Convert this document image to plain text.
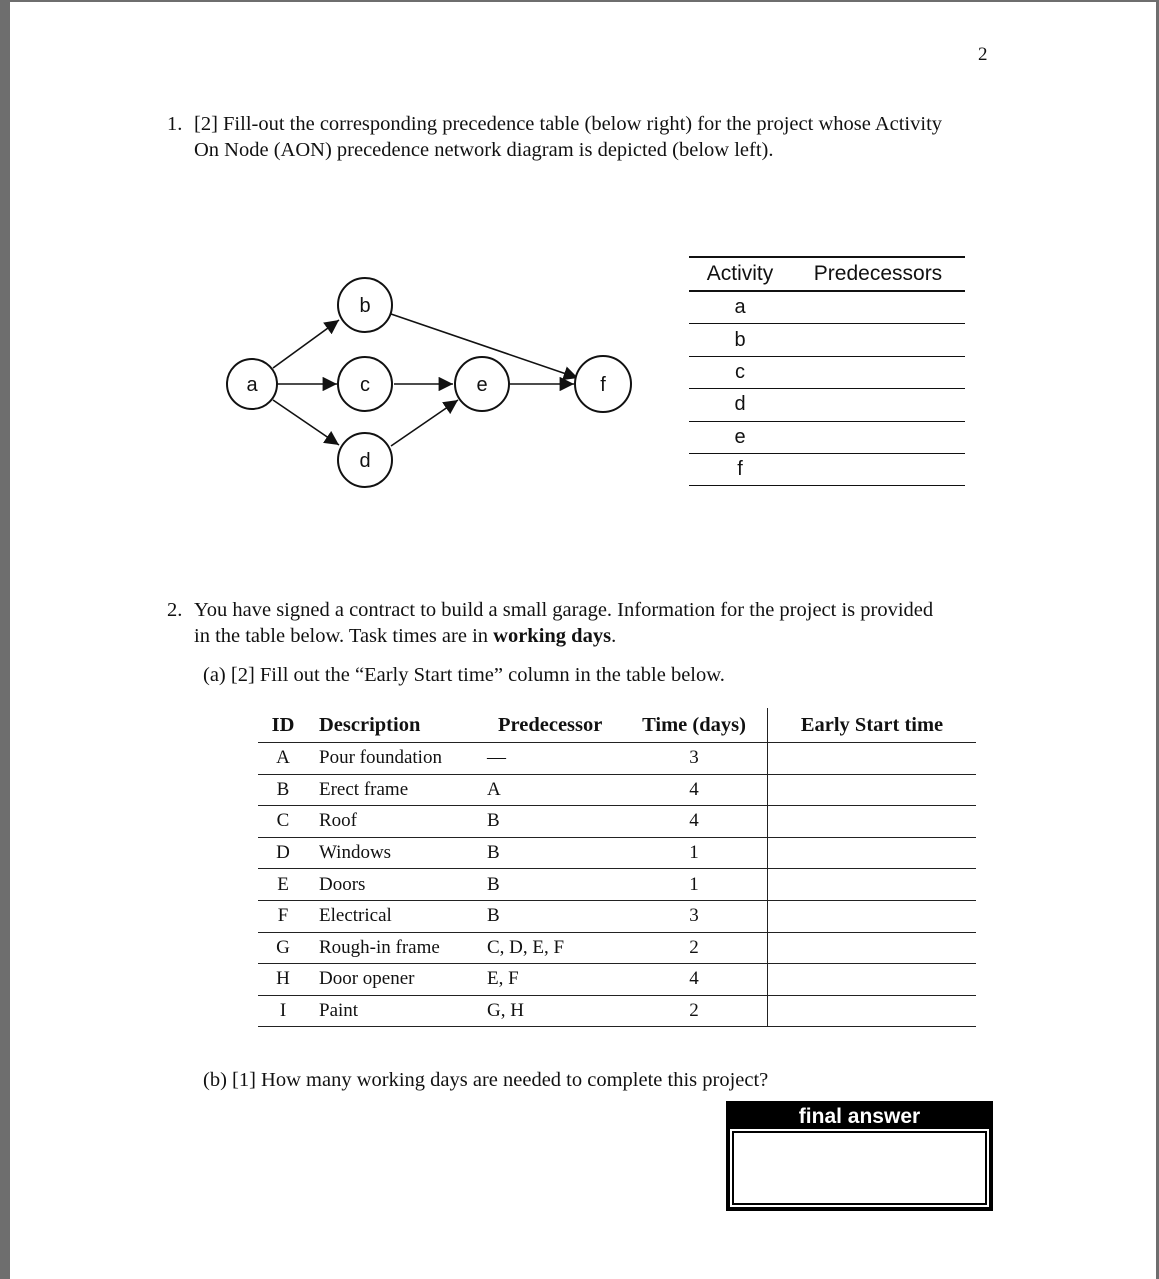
2
1. [2] Fill-out the corresponding precedence table (below right) for the project whose Activity
On Node (AON) precedence network diagram is depicted (below left).
a
b
c
d
e	f
Activity	Predecessors
a
b
c
d
e
f
2. You have signed a contract to build a small garage. Information for the project is provided
in the table below. Task times are in working days.
(a) [2] Fill out the “Early Start time” column in the table below.
ID	Description	Predecessor	Time (days)	Early Start time
A	Pour foundation	—	3
B	Erect frame	A	4
C	Roof	B	4
D	Windows	B	1
E	Doors	B	1
F	Electrical	B	3
G	Rough-in frame	C, D, E, F	2
H	Door opener	E, F	4
I	Paint	G, H	2
(b) [1] How many working days are needed to complete this project?
final answer
